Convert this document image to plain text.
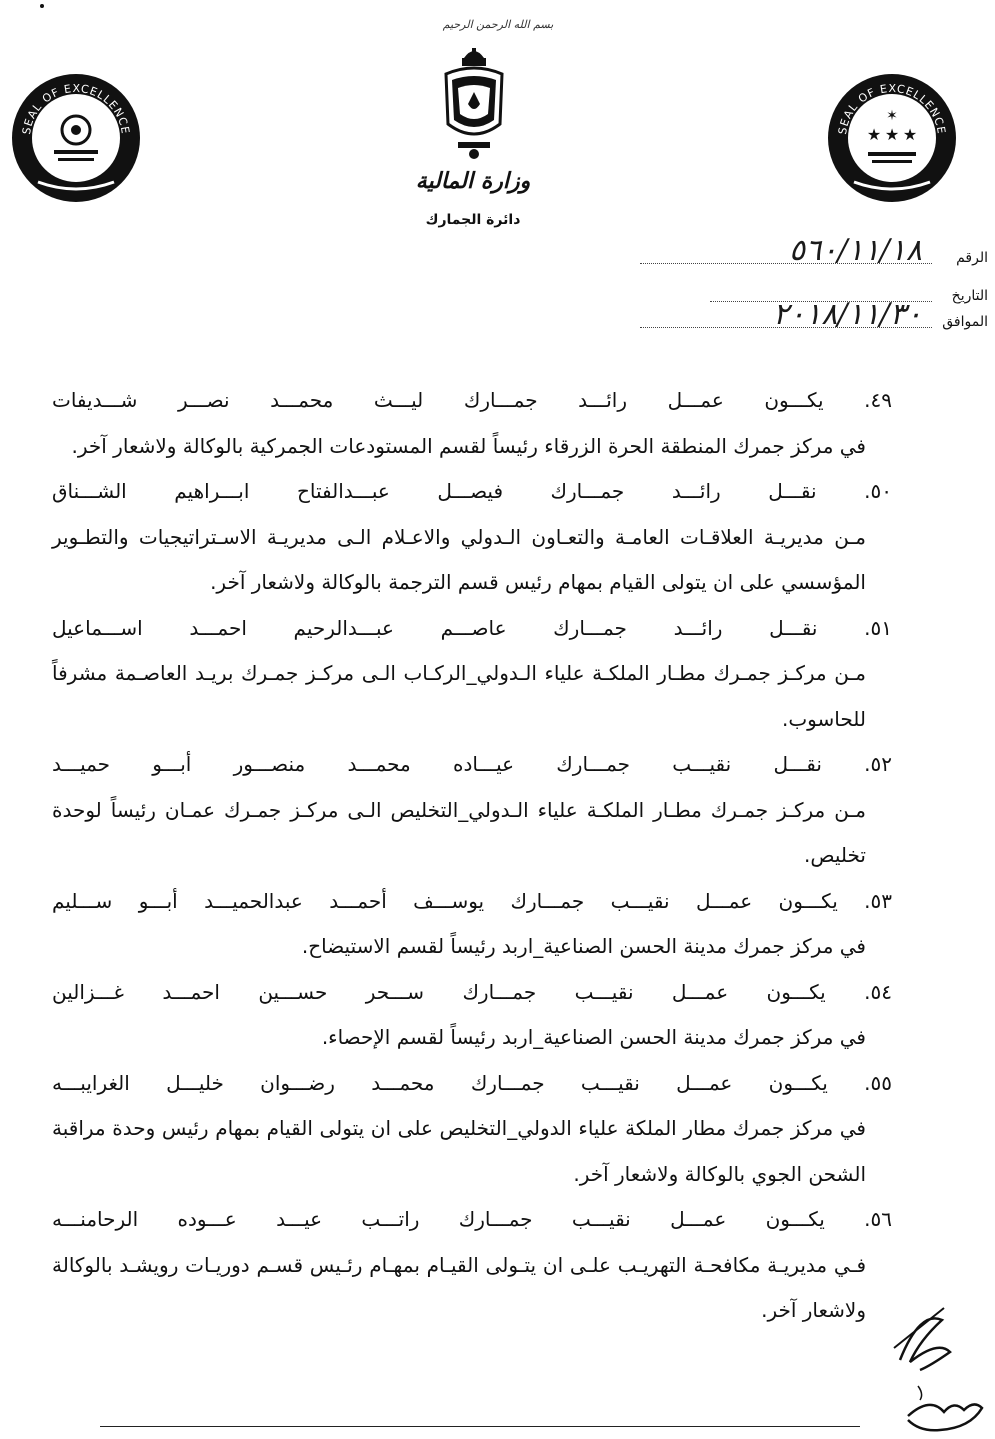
بسم الله الرحمن الرحيم
وزارة المالية
دائرة الجمارك
SEAL OF EXCELLENCE	SEAL OF EXCELLENCE
✶
★ ★ ★
الرقم
٥٦٠/١١/١٨
التاريخ
الموافق
٢٠١٨/١١/٣٠

٤٩. يكـــون عمـــل رائـــد جمـــارك ليـــث محمـــد نصـــر شـــديفات
في مركز جمرك المنطقة الحرة الزرقاء رئيساً لقسم المستودعات الجمركية بالوكالة ولاشعار آخر.

٥٠. نقـــل رائـــد جمـــارك فيصـــل عبـــدالفتاح ابـــراهيم الشـــناق
مـن مديريـة العلاقـات العامـة والتعـاون الـدولي والاعـلام الـى مديريـة الاسـتراتيجيات والتطـوير المؤسسي على ان يتولى القيام بمهام رئيس قسم الترجمة بالوكالة ولاشعار آخر.

٥١. نقـــل رائـــد جمـــارك عاصـــم عبـــدالرحيم احمـــد اســـماعيل
مـن مركـز جمـرك مطـار الملكـة علياء الـدولي_الركـاب الـى مركـز جمـرك بريـد العاصـمة مشرفاً للحاسوب.

٥٢. نقـــل نقيـــب جمـــارك عيـــاده محمـــد منصـــور أبـــو حميـــد
مـن مركـز جمـرك مطـار الملكـة علياء الـدولي_التخليص الـى مركـز جمـرك عمـان رئيساً لوحدة تخليص.

٥٣. يكـــون عمـــل نقيـــب جمـــارك يوســـف أحمـــد عبدالحميـــد أبـــو ســـليم
في مركز جمرك مدينة الحسن الصناعية_اربد رئيساً لقسم الاستيضاح.

٥٤. يكـــون عمـــل نقيـــب جمـــارك ســـحر حســـين احمـــد غـــزالين
في مركز جمرك مدينة الحسن الصناعية_اربد رئيساً لقسم الإحصاء.

٥٥. يكـــون عمـــل نقيـــب جمـــارك محمـــد رضـــوان خليـــل الغرايبـــه
في مركز جمرك مطار الملكة علياء الدولي_التخليص على ان يتولى القيام بمهام رئيس وحدة مراقبة الشحن الجوي بالوكالة ولاشعار آخر.

٥٦. يكـــون عمـــل نقيـــب جمـــارك راتـــب عيـــد عـــوده الرحامنـــه
فـي مديريـة مكافحـة التهريـب علـى ان يتـولى القيـام بمهـام رئـيس قسـم دوريـات رويشـد بالوكالة ولاشعار آخر.
